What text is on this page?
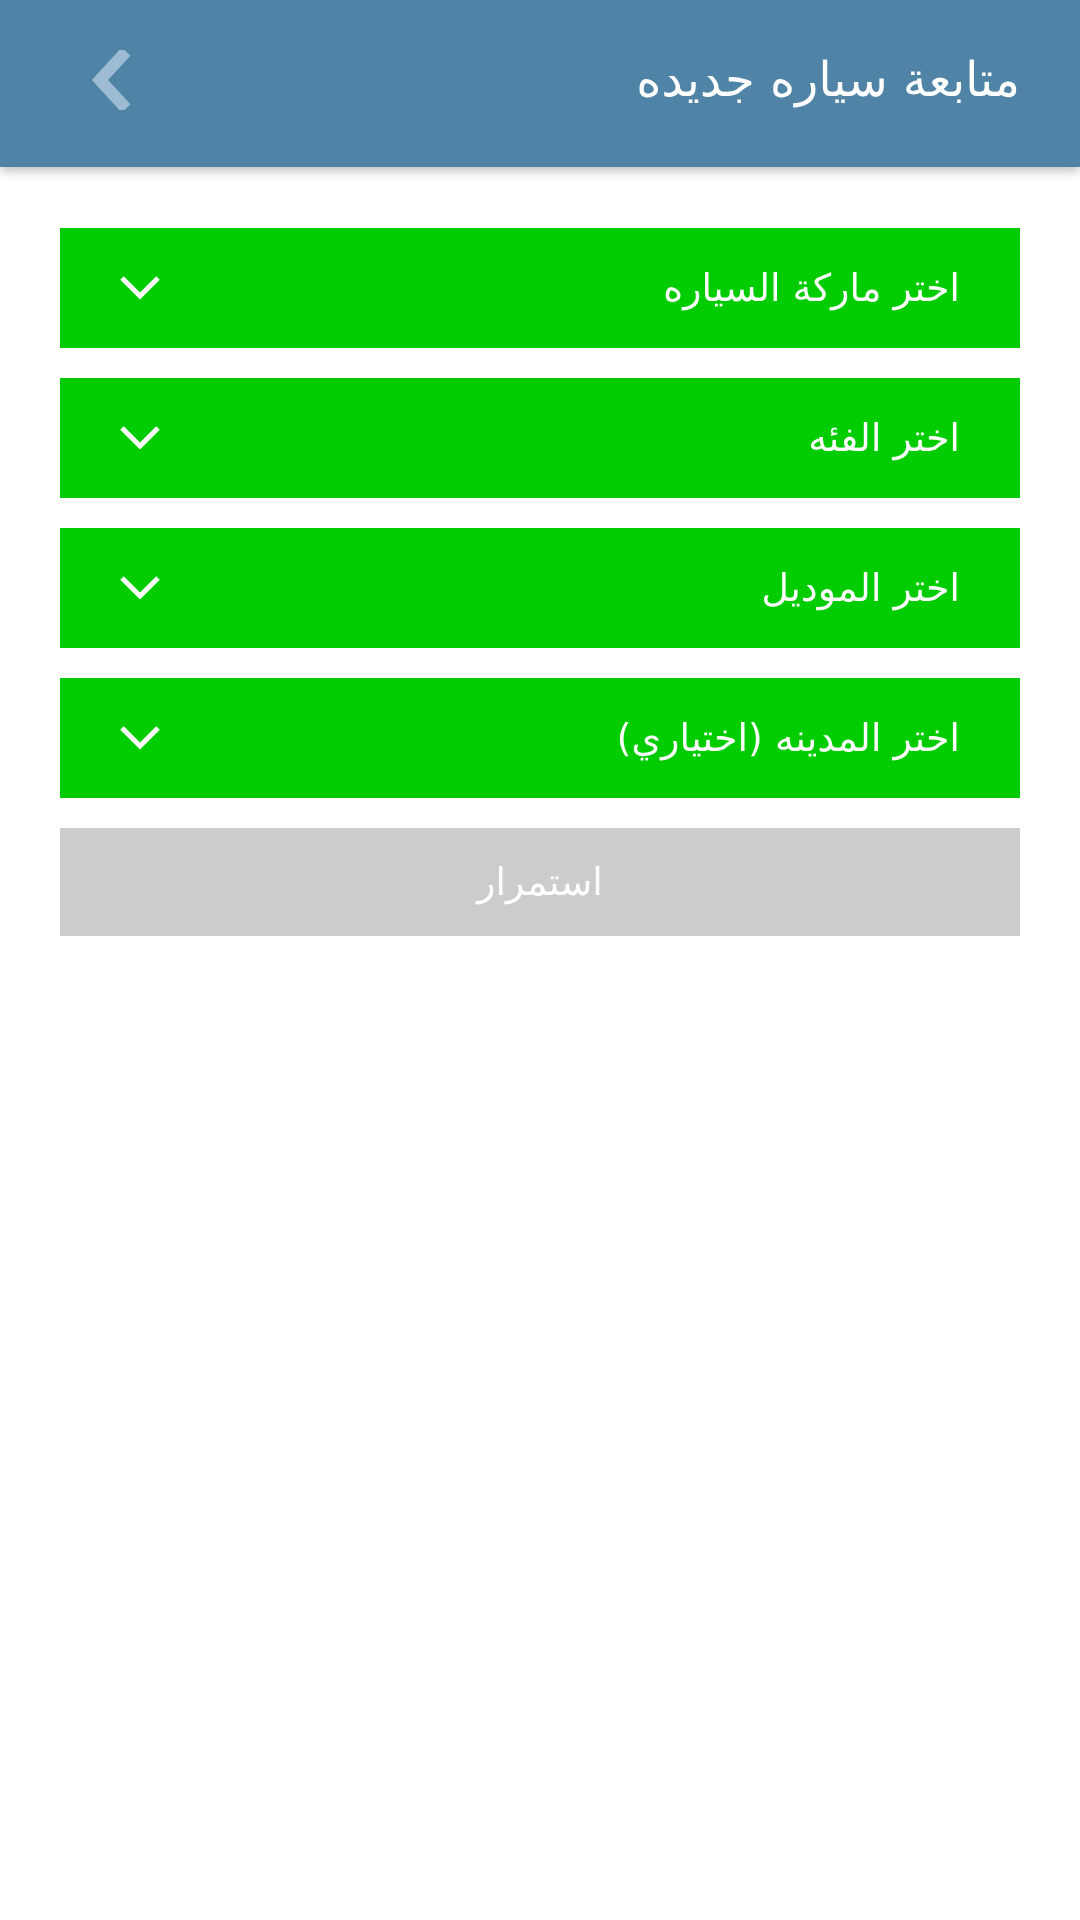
متابعة سياره جديده
اختر ماركة السياره
اختر الفئه
اختر الموديل
اختر المدينه (اختياري)
استمرار
